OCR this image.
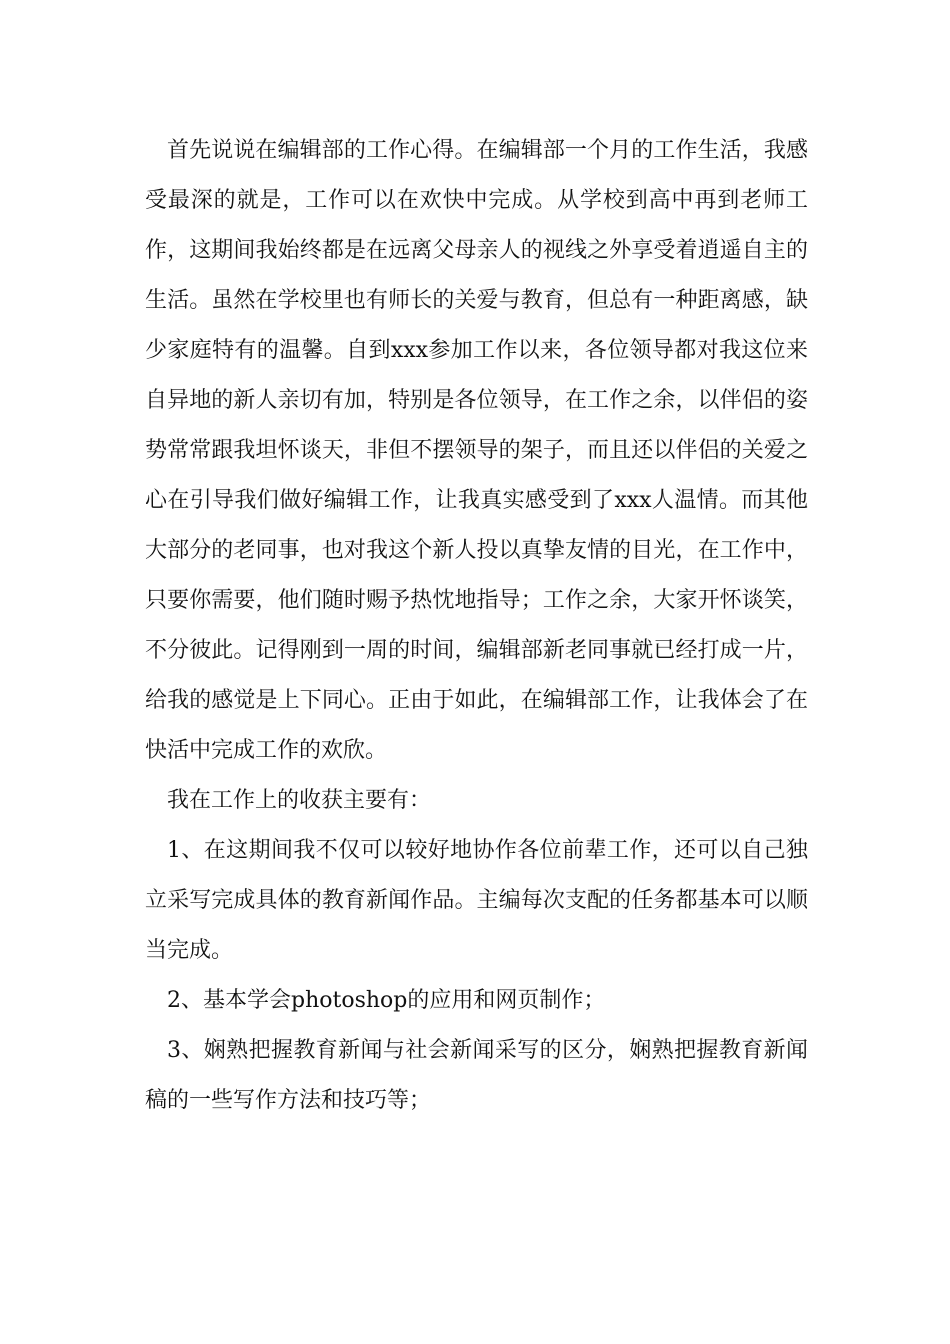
首先说说在编辑部的工作心得。在编辑部一个月的工作生活，我感受最深的就是，工作可以在欢快中完成。从学校到高中再到老师工作，这期间我始终都是在远离父母亲人的视线之外享受着逍遥自主的生活。虽然在学校里也有师长的关爱与教育，但总有一种距离感，缺少家庭特有的温馨。自到xxx参加工作以来，各位领导都对我这位来自异地的新人亲切有加，特别是各位领导，在工作之余，以伴侣的姿势常常跟我坦怀谈天，非但不摆领导的架子，而且还以伴侣的关爱之心在引导我们做好编辑工作，让我真实感受到了xxx人温情。而其他大部分的老同事，也对我这个新人投以真挚友情的目光，在工作中，只要你需要，他们随时赐予热忱地指导；工作之余，大家开怀谈笑，不分彼此。记得刚到一周的时间，编辑部新老同事就已经打成一片，给我的感觉是上下同心。正由于如此，在编辑部工作，让我体会了在快活中完成工作的欢欣。

我在工作上的收获主要有：

1、在这期间我不仅可以较好地协作各位前辈工作，还可以自己独立采写完成具体的教育新闻作品。主编每次支配的任务都基本可以顺当完成。

2、基本学会photoshop的应用和网页制作；

3、娴熟把握教育新闻与社会新闻采写的区分，娴熟把握教育新闻稿的一些写作方法和技巧等；
